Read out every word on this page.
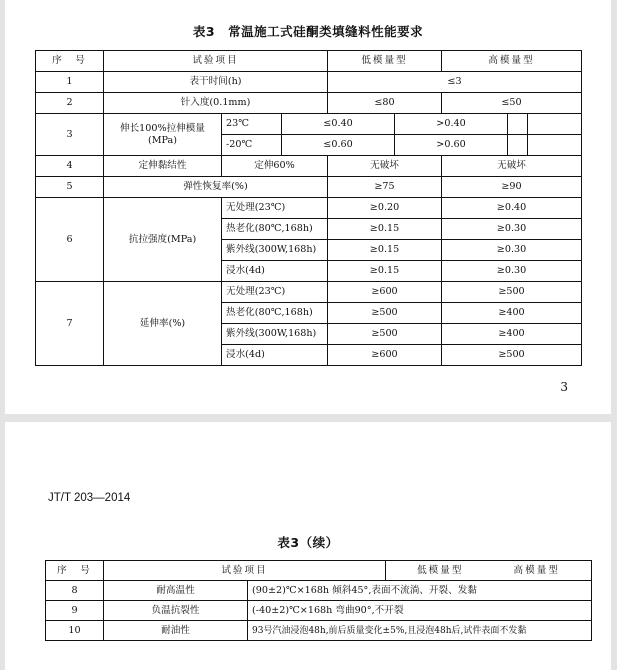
表3　常温施工式硅酮类填缝料性能要求
序　号	试验项目			低模量型		高模量型		
1	表干时间(h)			≤3				
2	针入度(0.1mm)			≤80		≤50		
3	伸长100%拉伸模量(MPa)	23℃	≤0.40		>0.40			
		-20℃	≤0.60		>0.60			
4	定伸黏结性	定伸60%		无破坏		无破坏		
5	弹性恢复率(%)			≥75		≥90		
6	抗拉强度(MPa)	无处理(23℃)		≥0.20		≥0.40		
		热老化(80℃,168h)		≥0.15		≥0.30		
		紫外线(300W,168h)		≥0.15		≥0.30		
		浸水(4d)		≥0.15		≥0.30		
7	延伸率(%)	无处理(23℃)		≥600		≥500		
		热老化(80℃,168h)		≥500		≥400		
		紫外线(300W,168h)		≥500		≥400		
		浸水(4d)		≥600		≥500		
3
JT/T 203—2014
表3（续）
序　号	试验项目		低模量型 高模量型
8	耐高温性	(90±2)℃×168h 倾斜45°,表面不流淌、开裂、发黏	
9	负温抗裂性	(-40±2)℃×168h 弯曲90°,不开裂	
10	耐油性	93号汽油浸泡48h,前后质量变化±5%,且浸泡48h后,试件表面不发黏	
